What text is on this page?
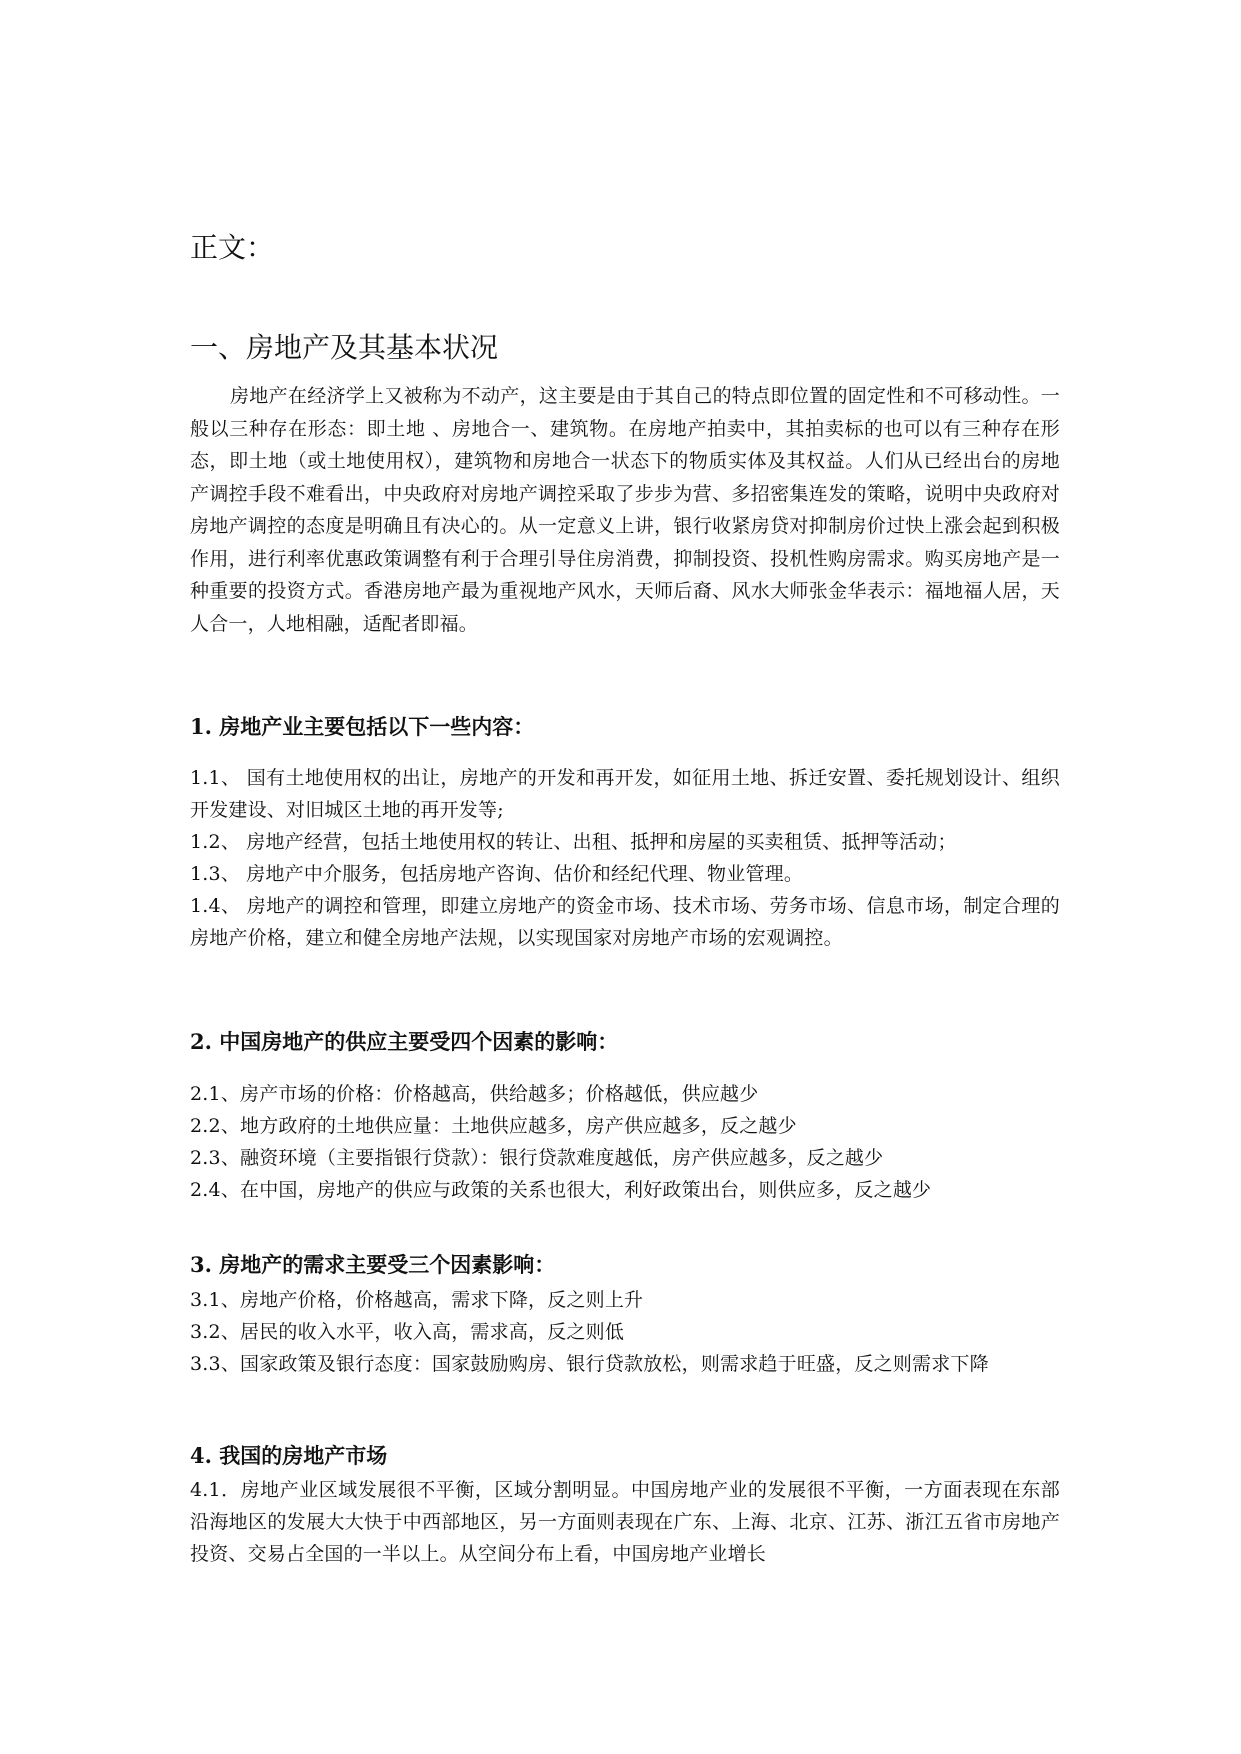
正文：
一、房地产及其基本状况

房地产在经济学上又被称为不动产，这主要是由于其自己的特点即位置的固定性和不可移动性。一般以三种存在形态：即土地 、房地合一、建筑物。在房地产拍卖中，其拍卖标的也可以有三种存在形态，即土地（或土地使用权），建筑物和房地合一状态下的物质实体及其权益。人们从已经出台的房地产调控手段不难看出，中央政府对房地产调控采取了步步为营、多招密集连发的策略，说明中央政府对房地产调控的态度是明确且有决心的。从一定意义上讲，银行收紧房贷对抑制房价过快上涨会起到积极作用，进行利率优惠政策调整有利于合理引导住房消费，抑制投资、投机性购房需求。购买房地产是一种重要的投资方式。香港房地产最为重视地产风水，天师后裔、风水大师张金华表示：福地福人居，天人合一，人地相融，适配者即福。

1. 房地产业主要包括以下一些内容：
1.1、 国有土地使用权的出让，房地产的开发和再开发，如征用土地、拆迁安置、委托规划设计、组织开发建设、对旧城区土地的再开发等;
1.2、 房地产经营，包括土地使用权的转让、出租、抵押和房屋的买卖租赁、抵押等活动；
1.3、 房地产中介服务，包括房地产咨询、估价和经纪代理、物业管理。
1.4、 房地产的调控和管理，即建立房地产的资金市场、技术市场、劳务市场、信息市场，制定合理的房地产价格，建立和健全房地产法规，以实现国家对房地产市场的宏观调控。
2. 中国房地产的供应主要受四个因素的影响：
2.1、房产市场的价格：价格越高，供给越多；价格越低，供应越少
2.2、地方政府的土地供应量：土地供应越多，房产供应越多，反之越少
2.3、融资环境（主要指银行贷款）：银行贷款难度越低，房产供应越多，反之越少
2.4、在中国，房地产的供应与政策的关系也很大，利好政策出台，则供应多，反之越少
3. 房地产的需求主要受三个因素影响：
3.1、房地产价格，价格越高，需求下降，反之则上升
3.2、居民的收入水平，收入高，需求高，反之则低
3.3、国家政策及银行态度：国家鼓励购房、银行贷款放松，则需求趋于旺盛，反之则需求下降
4. 我国的房地产市场
4.1．房地产业区域发展很不平衡，区域分割明显。中国房地产业的发展很不平衡，一方面表现在东部沿海地区的发展大大快于中西部地区，另一方面则表现在广东、上海、北京、江苏、浙江五省市房地产投资、交易占全国的一半以上。从空间分布上看，中国房地产业增长
